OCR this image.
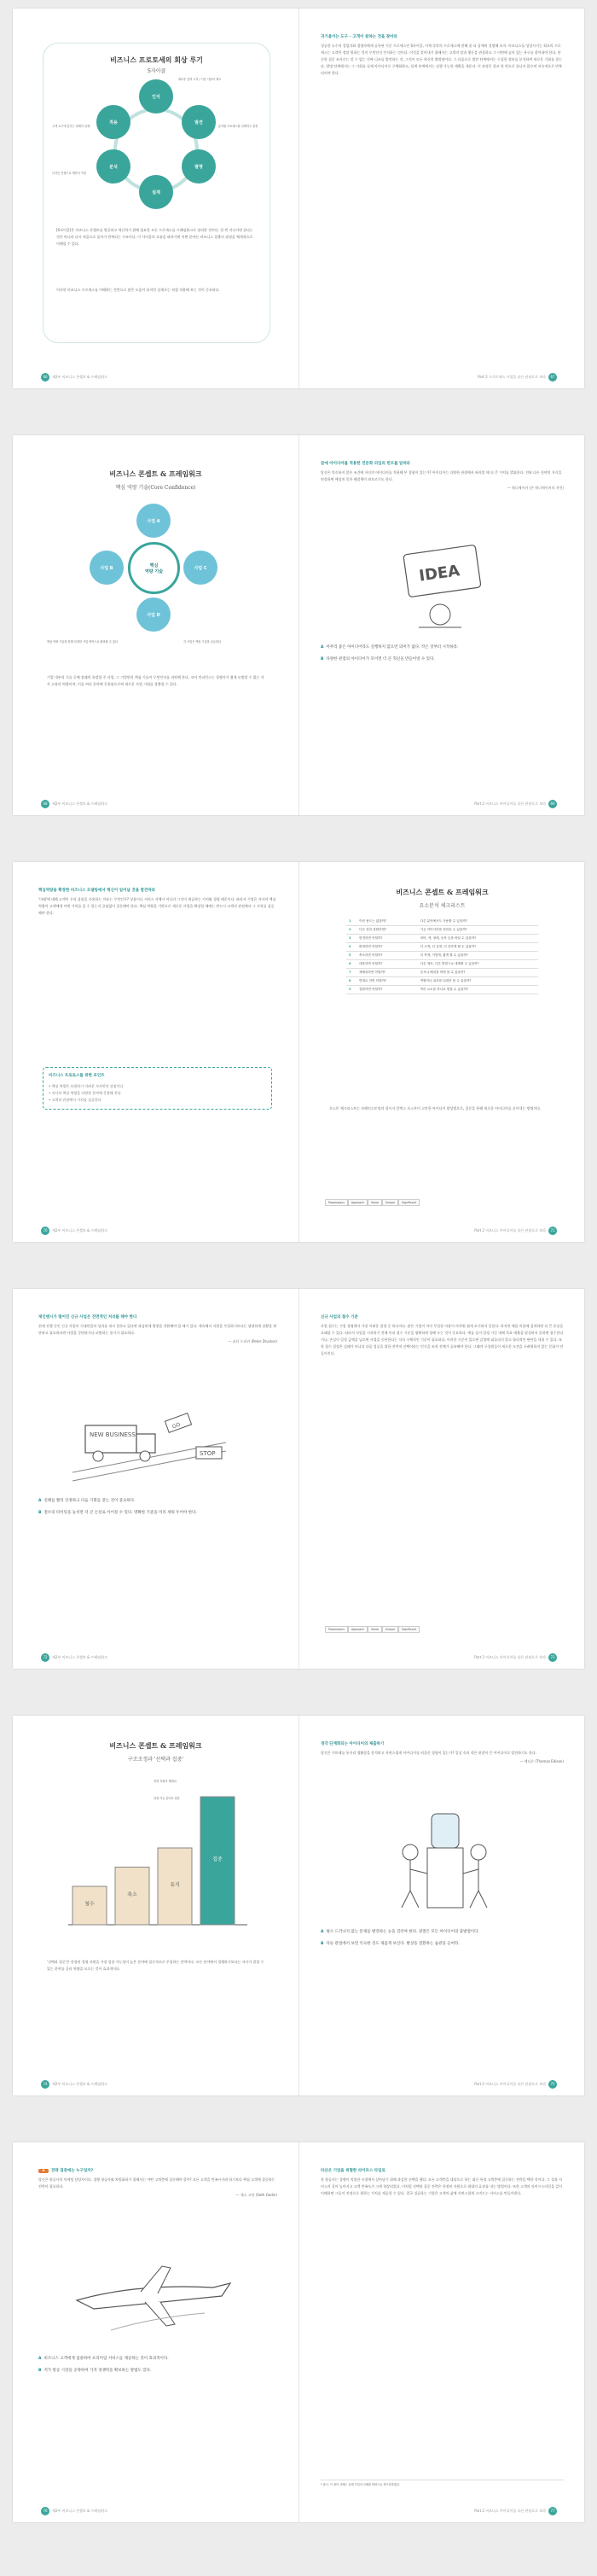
비즈니스 프로토세의 회상 루기
S자이클
인지
발견
발명
설계
분석
적용
새로운 것의 시작 / 기존 사물의 재고
분석할 프로세스를 선택하고 결정
고객 요구에 맞추는 형태의 설계
디자인 컨셉으로 제안서 작성
[S사이클]은 비즈니스 콘셉트를 발굴하고 혁신하기 위해 필요한 모든 프로세스를 프레임워크로 정리한 것이다. 한 번 지나가면 끝나는 것이 아니라 다시 처음으로 돌아가 반복되는 구조이다. 이 사이클의 흐름을 따라가면 어떤 분야든 비즈니스 창출의 과정을 체계적으로 이해할 수 있다.
이러한 비즈니스 프로세스를 이해하는 것만으로 많은 도움이 되지만 실제로는 직접 적용해 보는 것이 중요하다.
66 제2부 비즈니스 콘셉트 & 프레임워크
귀기울이는 도구 – 고객이 원하는 것을 찾아라
성공한 소수의 창업자와 경영자에게 공통된 기준 프로세스인 S사이클, 이제 각각의 프로세스에 관해 좀 더 상세히 설명해 보자. 비즈니스를 성장시키는 최초의 프로세스는 고객이 정말 원하는 것이 무엇인지 인지하는 것이다. 이것을 알아내기 위해서는 고객의 말과 행동을 관찰하고 그 이면에 숨어 있는 욕구를 찾아내야 한다. 단순한 설문 조사로는 알 수 없는 진짜 니즈를 발견하는 것, 그것이 모든 혁신의 출발점이다. 그 다음으로 발견 단계에서는 수집한 정보를 분석하여 새로운 기회를 찾는다. 발명 단계에서는 그 기회를 실제 아이디어로 구체화하고, 설계 단계에서는 실행 가능한 계획을 세운다. 이 과정은 결코 한 번으로 끝나지 않으며 지속적으로 반복되어야 한다.
Part 2 프로토세스 사업을 다른 관점으로 보라 67
비즈니스 콘셉트 & 프레임워크
핵심 역량 기술(Core Confidence)
사업 A
사업 B	사업 C
사업 D
핵심
역량 기술
핵심 역량 기술을 통해 다양한 사업 영역으로 확장할 수 있다	각 사업은 핵심 기술을 공유한다
기업 내부의 기술 중에 장래의 유망할 주 사업, 그 기업만의 핵심 기술이 무엇인지를 파악해 본다. 코어 컨피던스는 경쟁사가 쉽게 모방할 수 없는 자사 고유의 역량이며, 이를 여러 분야에 응용함으로써 새로운 사업 기회를 창출할 수 있다.
68 제2부 비즈니스 콘셉트 & 프레임워크
끝에 아이디어를 적용한 전문화 외입의 힌트를 알려라
당신은 익숙하지 않은 조건에 자신의 아이디어를 적용해 본 경험이 있는가? 아이디어는 다양한 관점에서 바라볼 때 더 큰 가치를 발휘한다. 전혀 다른 분야의 지식을 연결하면 예상치 못한 해결책이 떠오르기도 한다.
— 워너메이커 (존 워너메이커의 격언)
IDEA
A 아무리 좋은 아이디어라도 실행하지 않으면 의미가 없다. 작은 것부터 시작하라.
B 다양한 관점의 아이디어가 모이면 더 큰 혁신을 만들어낼 수 있다.
Part 2 비즈니스 아이디어를 다른 관점으로 보라 69
핵심역량을 확장한 비즈니스 모델링에서 혁신이 일어날 것을 발견하라
'미래'에 대해 고객이 우리 상품을 사용하는 이유는 무엇인가? 상품이나 서비스 자체가 아니라 그것이 제공하는 가치와 경험 때문이다. 따라서 기업은 자사의 핵심 역량이 고객에게 어떤 가치를 줄 수 있는지 끊임없이 질문해야 한다. 핵심 역량을 기반으로 새로운 사업을 확장할 때에는 반드시 고객의 관점에서 그 가치를 검증해야 한다.
비즈니스 프로토스를 위한 포인트
• 핵심 역량은 모방하기 어려운 자사만의 강점이다
• 자사의 핵심 역량을 다양한 분야에 응용해 본다
• 고객의 관점에서 가치를 검증한다
70 제2부 비즈니스 콘셉트 & 프레임워크
비즈니스 콘셉트 & 프레임워크
요소분석 체크리스트
1	이런 용도는 없을까?	다른 분야에서도 사용할 수 있을까?
2	다른 것과 결합하면?	기존 아이디어를 빌려올 수 있을까?
3	변경하면 어떨까?	의미, 색, 형태, 동작 등을 바꿀 수 있을까?
4	확대하면 어떨까?	더 크게, 더 길게, 더 강하게 할 수 있을까?
5	축소하면 어떨까?	더 작게, 가볍게, 짧게 할 수 있을까?
6	대용하면 어떨까?	다른 재료, 다른 방법으로 대체할 수 있을까?
7	재배치하면 어떨까?	순서나 배치를 바꿔 볼 수 있을까?
8	반대로 하면 어떨까?	역할이나 위치를 뒤집어 볼 수 있을까?
9	결합하면 어떨까?	여러 요소를 하나로 합칠 수 있을까?
오스본 체크리스트는 브레인스토밍의 창시자 알렉스 오스본이 고안한 아이디어 발상법으로, 질문을 통해 새로운 아이디어를 끌어내는 방법이다.
Possessions	Approach	Value	Unique	Significant
Part 2 비즈니스 아이디어를 다른 관점으로 보라 71
재인텐시가 떨어진 신규 사업은 전면적인 처리를 해야 한다
현재 진행 중인 신규 사업이 기대만큼의 성과를 내지 못하고 있다면 과감하게 방향을 전환해야 할 때가 있다. 계속해서 자원을 투입하기보다는 냉정하게 상황을 판단하고 필요하다면 사업을 중단하거나 피벗하는 용기가 필요하다.
— 피터 드러커 (Peter Drucker)
NEW BUSINESS
GO
STOP
A 실패를 빨리 인정하고 다음 기회를 찾는 것이 중요하다.
B 철수의 타이밍을 놓치면 더 큰 손실로 이어질 수 있다. 명확한 기준을 미리 세워 두어야 한다.
72 제2부 비즈니스 콘셉트 & 프레임워크
신규 사업의 철수 기준
사업 철수는 기업 경영에서 가장 어려운 결정 중 하나이다. 많은 기업이 이미 투입한 비용이 아까워 쉽게 포기하지 못한다. 하지만 매몰 비용에 집착하면 더 큰 손실을 초래할 수 있다. 따라서 사업을 시작하기 전에 미리 철수 기준을 명확하게 정해 두는 것이 중요하다. 예를 들어 일정 기간 내에 목표 매출을 달성하지 못하면 철수한다거나, 손실이 일정 금액을 넘으면 사업을 중단한다는 식의 구체적인 기준이 필요하다. 이러한 기준이 있으면 감정에 휘둘리지 않고 합리적인 판단을 내릴 수 있다. 또한 철수 결정은 실패가 아니라 다음 성공을 위한 전략적 선택이라는 인식을 조직 전체가 공유해야 한다. 그래야 구성원들이 새로운 도전을 두려워하지 않는 문화가 만들어진다.
Possessions	Approach	Value	Unique	Significant
Part 2 비즈니스 아이디어를 다른 관점으로 보라 73
비즈니스 콘셉트 & 프레임워크
구조조정과 '선택과 집중'
철수
축소
유지
집중
경영 자원의 재배치
성장 가능 분야로 집중
'선택과 집중'은 한정된 경영 자원을 가장 성장 가능성이 높은 분야에 집중적으로 투입하는 전략이다. 모든 분야에서 경쟁하기보다는 자사가 잘할 수 있는 분야를 골라 역량을 모으는 것이 효과적이다.
74 제2부 비즈니스 콘셉트 & 프레임워크
생각 단계화되는 아이디어의 제출하기
당신은 거트레를 통지리 생활상을 분석하고 자연스럽게 아이디어를 떠올린 경험이 있는가? 일상 속의 작은 관찰이 큰 아이디어로 발전하기도 한다.
— 에디슨 (Thomas Edison)
A 평소 드러나지 않는 문제를 발견하는 눈을 길러야 한다. 관찰은 모든 아이디어의 출발점이다.
B 다른 관점에서 보면 익숙한 것도 새롭게 보인다. 발상을 전환하는 습관을 들여라.
Part 2 비즈니스 아이디어를 다른 관점으로 보라 75
★ 전략 집중에는 누구일까?
당신은 항공사의 마케팅 담당자이다. 경쟁 항공사와 차별화하기 위해서는 어떤 고객층에 집중해야 할까? 모든 고객을 만족시키려 하기보다 핵심 고객에 집중하는 전략이 필요하다.
— 세스 고딘 (Seth Godin)
A 비즈니스 고객에게 집중하여 프리미엄 서비스를 제공하는 것이 효과적이다.
B 저가 항공 시장을 공략하여 가격 경쟁력을 확보하는 방법도 있다.
76 제2부 비즈니스 콘셉트 & 프레임워크
타산은 기업을 위협한 라이프스 타일로
한 항공사는 경쟁이 치열한 시장에서 살아남기 위해 과감한 선택을 했다. 모든 고객층을 대상으로 하는 대신 특정 고객층에 집중하는 전략을 택한 것이다. 그 결과 서비스의 질이 높아지고 고객 만족도가 크게 향상되었다. 이처럼 선택과 집중 전략은 한정된 자원으로 최대의 효과를 내는 방법이다. 또한 고객의 라이프스타일을 깊이 이해하면 그들이 진정으로 원하는 가치를 제공할 수 있다. 결국 성공하는 기업은 고객의 삶에 자연스럽게 스며드는 서비스를 만들어낸다.
* 참고: 이 장의 사례는 실제 기업의 사례를 바탕으로 재구성하였다.
Part 2 비즈니스 아이디어를 다른 관점으로 보라 77
